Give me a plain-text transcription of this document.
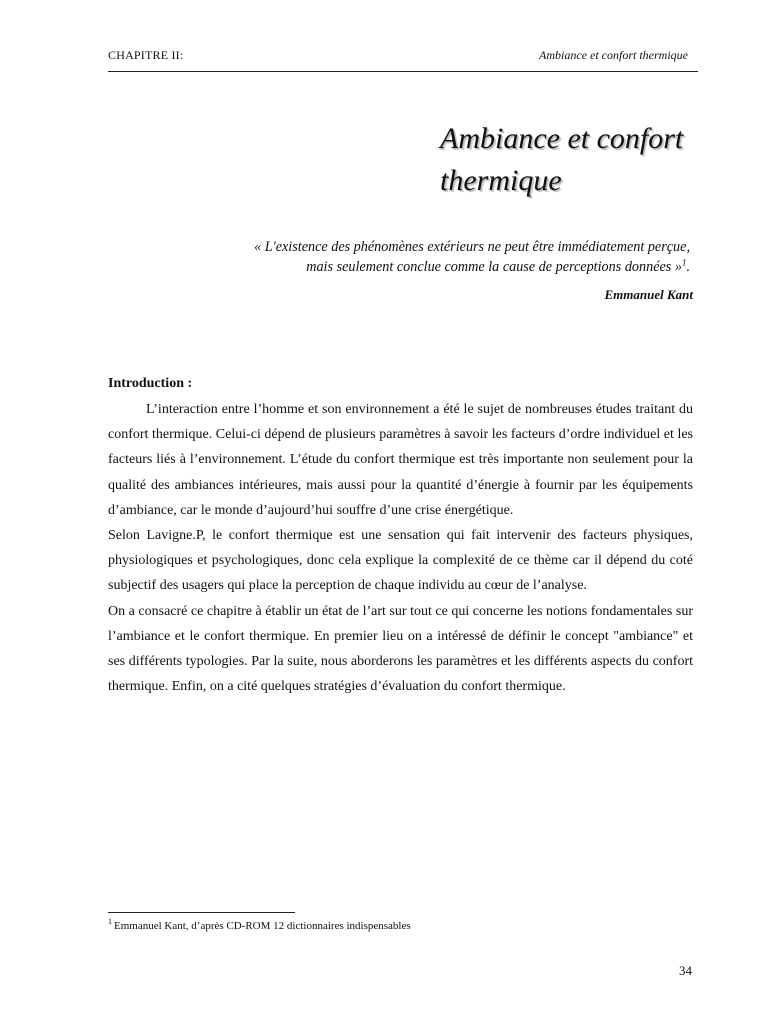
CHAPITRE II:	Ambiance et confort thermique
Ambiance et confort
thermique
« L'existence des phénomènes extérieurs ne peut être immédiatement perçue,
mais seulement conclue comme la cause de perceptions données »$^1$.
Emmanuel Kant
Introduction :

L’interaction entre l’homme et son environnement a été le sujet de nombreuses études traitant du confort thermique. Celui-ci dépend de plusieurs paramètres à savoir les facteurs d’ordre individuel et les facteurs liés à l’environnement. L’étude du confort thermique est très importante non seulement pour la qualité des ambiances intérieures, mais aussi pour la quantité d’énergie à fournir par les équipements d’ambiance, car le monde d’aujourd’hui souffre d’une crise énergétique.

Selon Lavigne.P, le confort thermique est une sensation qui fait intervenir des facteurs physiques, physiologiques et psychologiques, donc cela explique la complexité de ce thème car il dépend du coté subjectif des usagers qui place la perception de chaque individu au cœur de l’analyse.

On a consacré ce chapitre à établir un état de l’art sur tout ce qui concerne les notions fondamentales sur l’ambiance et le confort thermique. En premier lieu on a intéressé de définir le concept "ambiance" et ses différents typologies. Par la suite, nous aborderons les paramètres et les différents aspects du confort thermique. Enfin, on a cité quelques stratégies d’évaluation du confort thermique.

$^1$ Emmanuel Kant, d’après CD-ROM 12 dictionnaires indispensables
34
